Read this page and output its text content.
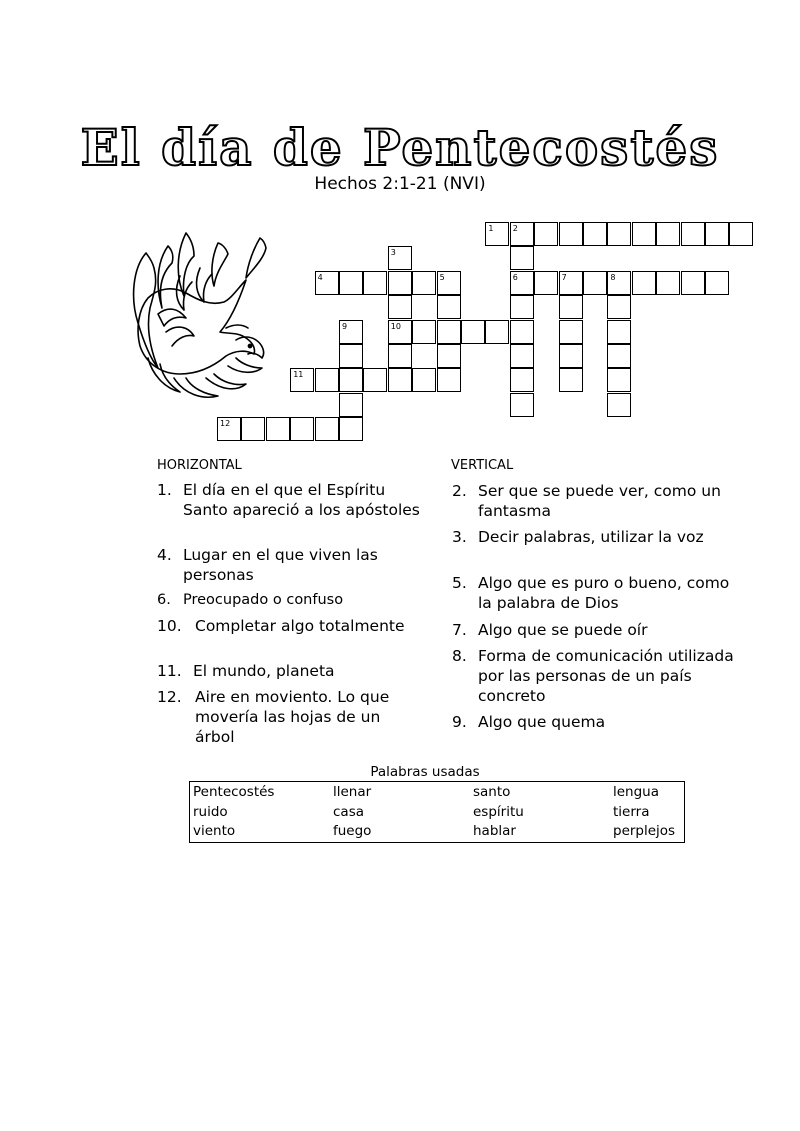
El día de Pentecostés
Hechos 2:1-21 (NVI)
1 2
6
3
10
4	5	7	8
9
11
12
HORIZONTAL
1. El día en el que el Espíritu Santo apareció a los apóstoles
4. Lugar en el que viven las personas
6. Preocupado o confuso
10. Completar algo totalmente
11. El mundo, planeta
12. Aire en moviento. Lo que movería las hojas de un árbol
VERTICAL
2. Ser que se puede ver, como un fantasma
3. Decir palabras, utilizar la voz
5. Algo que es puro o bueno, como la palabra de Dios
7. Algo que se puede oír
8. Forma de comunicación utilizada por las personas de un país concreto
9. Algo que quema
Palabras usadas
Pentecostés	llenar	santo	lengua
ruido	casa	espíritu	tierra
viento	fuego	hablar	perplejos
